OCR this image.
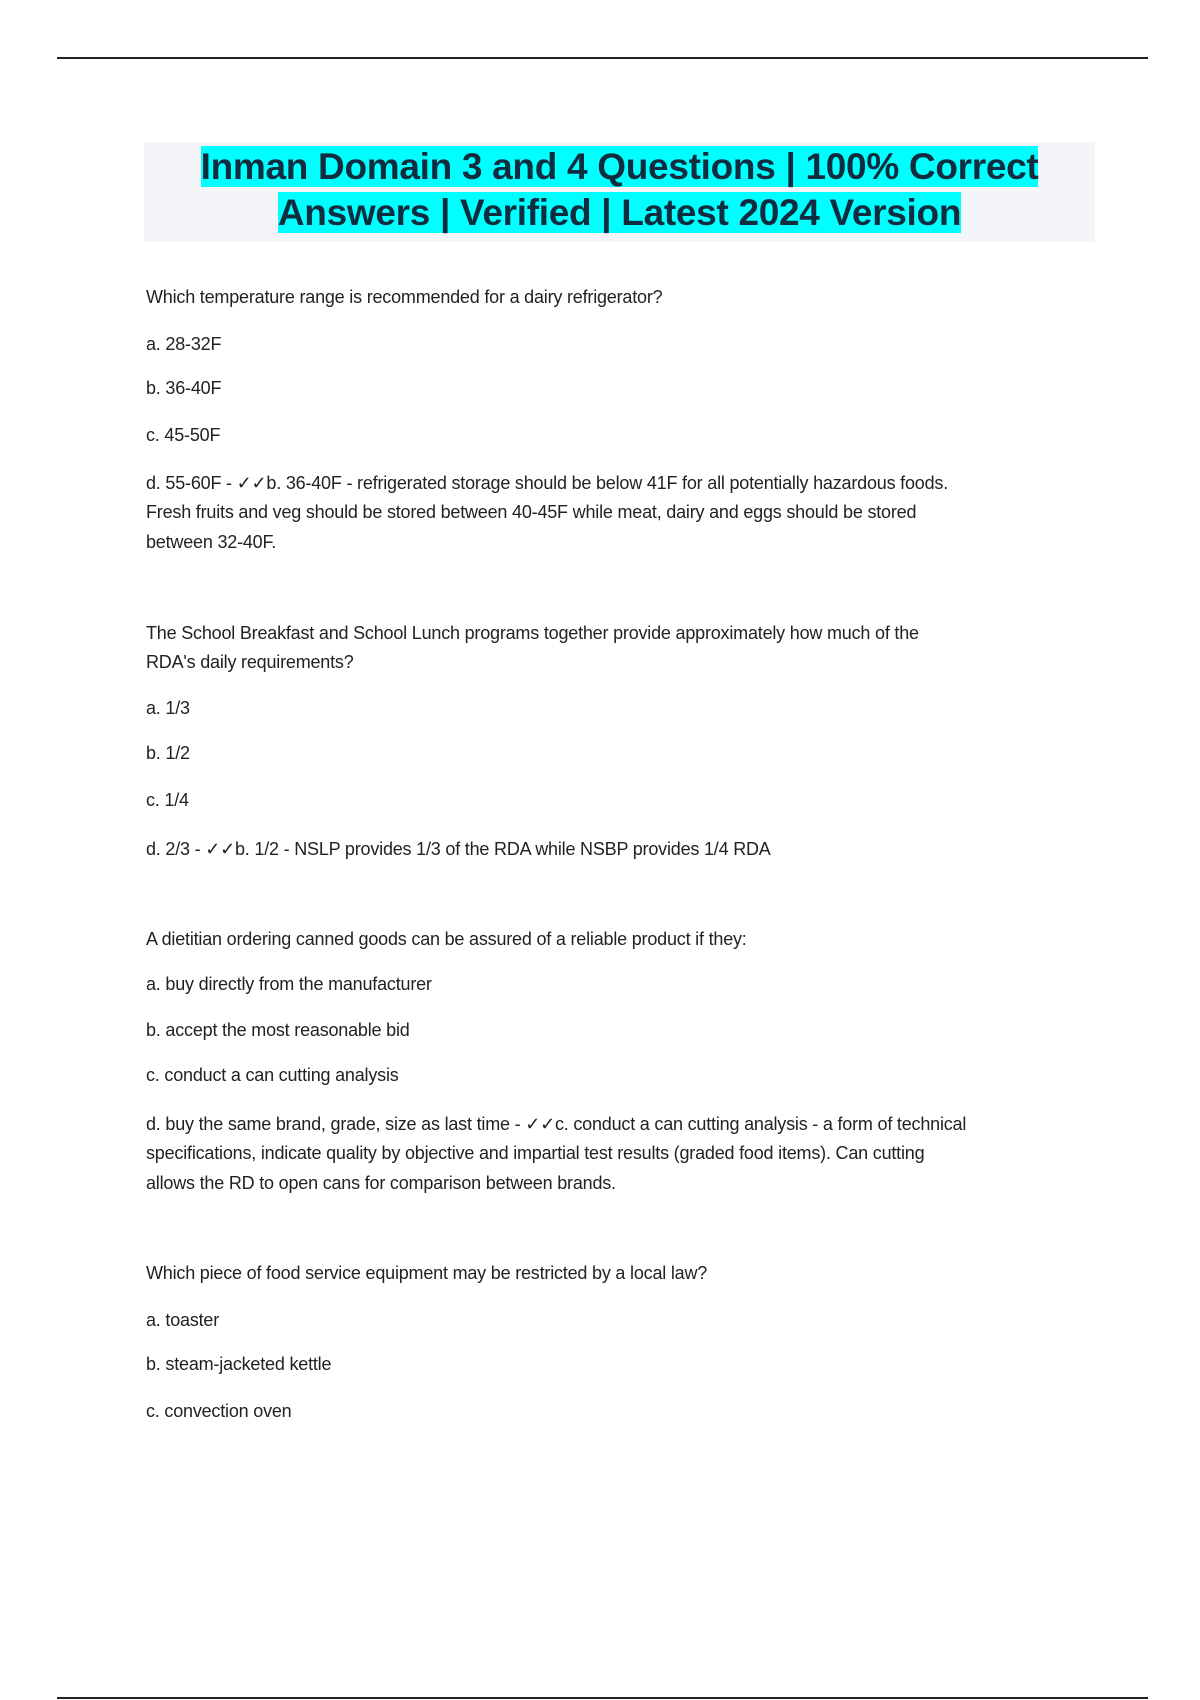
Inman Domain 3 and 4 Questions | 100% Correct
Answers | Verified | Latest 2024 Version
Which temperature range is recommended for a dairy refrigerator?
a. 28-32F
b. 36-40F
c. 45-50F
d. 55-60F - ✓✓b. 36-40F - refrigerated storage should be below 41F for all potentially hazardous foods.
Fresh fruits and veg should be stored between 40-45F while meat, dairy and eggs should be stored
between 32-40F.
The School Breakfast and School Lunch programs together provide approximately how much of the
RDA's daily requirements?
a. 1/3
b. 1/2
c. 1/4
d. 2/3 - ✓✓b. 1/2 - NSLP provides 1/3 of the RDA while NSBP provides 1/4 RDA
A dietitian ordering canned goods can be assured of a reliable product if they:
a. buy directly from the manufacturer
b. accept the most reasonable bid
c. conduct a can cutting analysis
d. buy the same brand, grade, size as last time - ✓✓c. conduct a can cutting analysis - a form of technical
specifications, indicate quality by objective and impartial test results (graded food items). Can cutting
allows the RD to open cans for comparison between brands.
Which piece of food service equipment may be restricted by a local law?
a. toaster
b. steam-jacketed kettle
c. convection oven
